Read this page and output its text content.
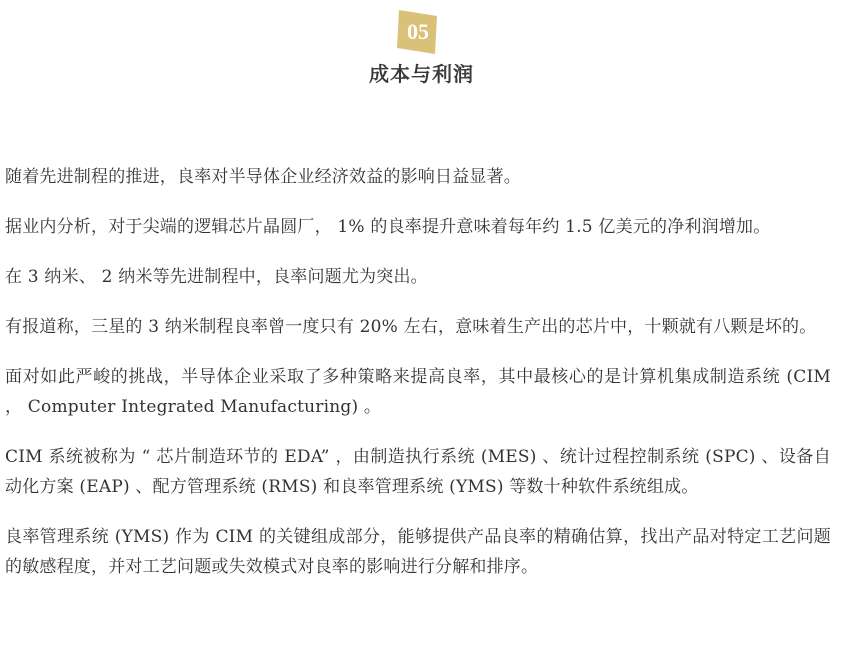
05
成本与利润

随着先进制程的推进，良率对半导体企业经济效益的影响日益显著。

据业内分析，对于尖端的逻辑芯片晶圆厂， 1% 的良率提升意味着每年约 1.5 亿美元的净利润增加。

在 3 纳米、 2 纳米等先进制程中，良率问题尤为突出。

有报道称，三星的 3 纳米制程良率曾一度只有 20% 左右，意味着生产出的芯片中，十颗就有八颗是坏的。

面对如此严峻的挑战，半导体企业采取了多种策略来提高良率，其中最核心的是计算机集成制造系统 (CIM ， Computer Integrated Manufacturing) 。

CIM 系统被称为 “ 芯片制造环节的 EDA” ，由制造执行系统 (MES) 、统计过程控制系统 (SPC) 、设备自动化方案 (EAP) 、配方管理系统 (RMS) 和良率管理系统 (YMS) 等数十种软件系统组成。

良率管理系统 (YMS) 作为 CIM 的关键组成部分，能够提供产品良率的精确估算，找出产品对特定工艺问题的敏感程度，并对工艺问题或失效模式对良率的影响进行分解和排序。
